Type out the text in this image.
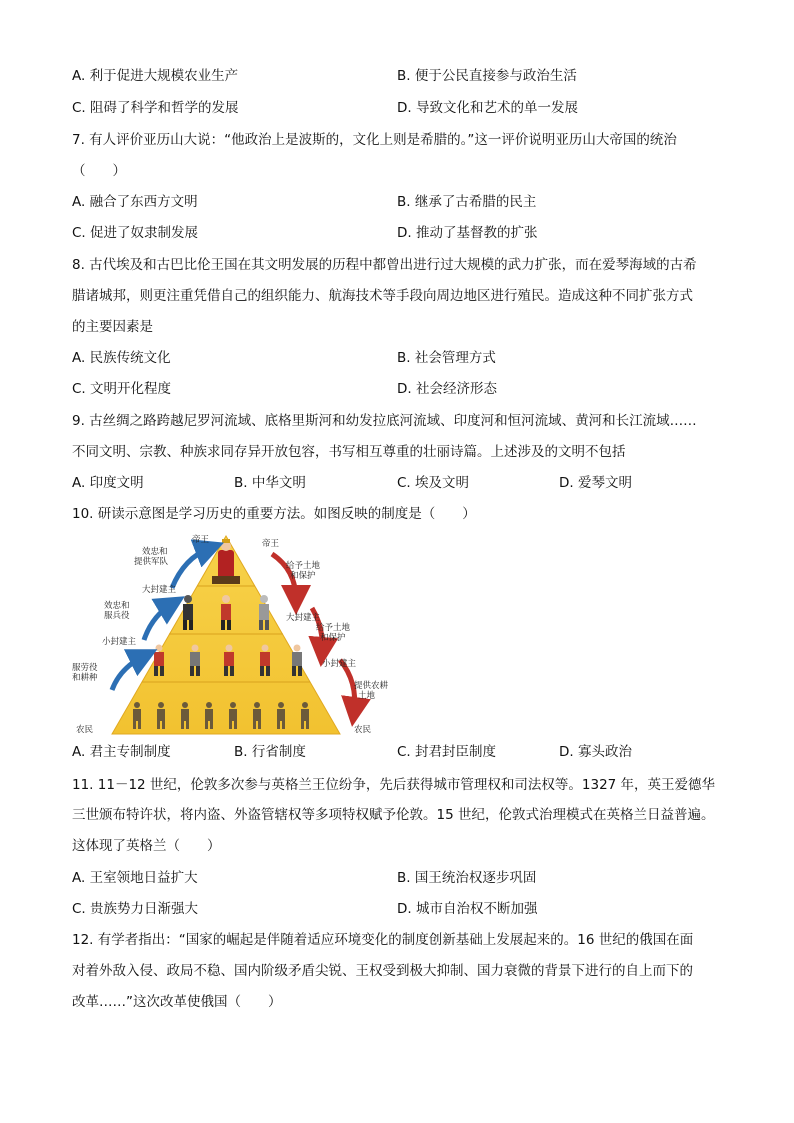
A. 利于促进大规模农业生产	B. 便于公民直接参与政治生活
C. 阻碍了科学和哲学的发展	D. 导致文化和艺术的单一发展
7. 有人评价亚历山大说：“他政治上是波斯的，文化上则是希腊的。”这一评价说明亚历山大帝国的统治
（　　）
A. 融合了东西方文明	B. 继承了古希腊的民主
C. 促进了奴隶制发展	D. 推动了基督教的扩张
8. 古代埃及和古巴比伦王国在其文明发展的历程中都曾出进行过大规模的武力扩张，而在爱琴海域的古希
腊诸城邦，则更注重凭借自己的组织能力、航海技术等手段向周边地区进行殖民。造成这种不同扩张方式
的主要因素是
A. 民族传统文化	B. 社会管理方式
C. 文明开化程度	D. 社会经济形态
9. 古丝绸之路跨越尼罗河流域、底格里斯河和幼发拉底河流域、印度河和恒河流域、黄河和长江流域……
不同文明、宗教、种族求同存异开放包容，书写相互尊重的壮丽诗篇。上述涉及的文明不包括
A. 印度文明	B. 中华文明	C. 埃及文明	D. 爱琴文明
10. 研读示意图是学习历史的重要方法。如图反映的制度是（　　）
帝王	帝王
大封建主
大封建主
小封建主
小封建主
农民	农民
效忠和
提供军队
效忠和
服兵役
服劳役
和耕种
给予土地
和保护
给予土地
和保护
提供农耕
土地
A. 君主专制制度	B. 行省制度	C. 封君封臣制度	D. 寡头政治
11. 11－12 世纪，伦敦多次参与英格兰王位纷争，先后获得城市管理权和司法权等。1327 年，英王爱德华
三世颁布特许状，将内盗、外盗管辖权等多项特权赋予伦敦。15 世纪，伦敦式治理模式在英格兰日益普遍。
这体现了英格兰（　　）
A. 王室领地日益扩大	B. 国王统治权逐步巩固
C. 贵族势力日渐强大	D. 城市自治权不断加强
12. 有学者指出：“国家的崛起是伴随着适应环境变化的制度创新基础上发展起来的。16 世纪的俄国在面
对着外敌入侵、政局不稳、国内阶级矛盾尖锐、王权受到极大抑制、国力衰微的背景下进行的自上而下的
改革……”这次改革使俄国（　　）
